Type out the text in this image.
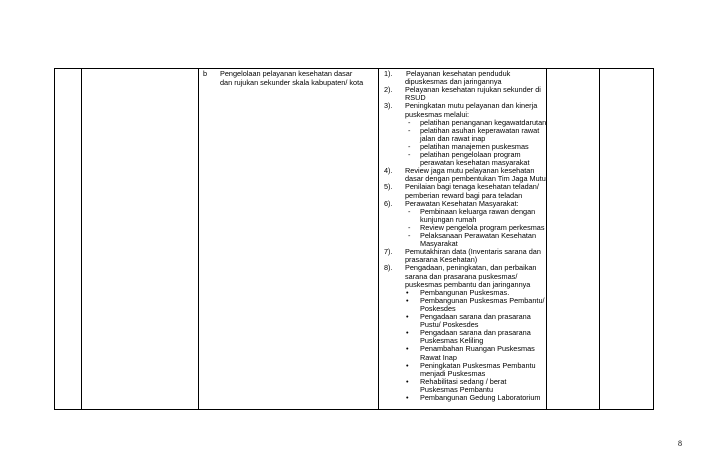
b Pengelolaan pelayanan kesehatan dasar
dan rujukan sekunder skala kabupaten/ kota
1). Pelayanan kesehatan penduduk
dipuskesmas dan jaringannya
2). Pelayanan kesehatan rujukan sekunder di
RSUD
3). Peningkatan mutu pelayanan dan kinerja
puskesmas melalui:
- pelatihan penanganan kegawatdarutan
- pelatihan asuhan keperawatan rawat
jalan dan rawat inap
- pelatihan manajemen puskesmas
- pelatihan pengelolaan program
perawatan kesehatan masyarakat
4). Review jaga mutu pelayanan kesehatan
dasar dengan pembentukan Tim Jaga Mutu
5). Penilaian bagi tenaga kesehatan teladan/
pemberian reward bagi para teladan
6). Perawatan Kesehatan Masyarakat:
- Pembinaan keluarga rawan dengan
kunjungan rumah
- Review pengelola program perkesmas
- Pelaksanaan Perawatan Kesehatan
Masyarakat
7). Pemutakhiran data (Inventaris sarana dan
prasarana Kesehatan)
8). Pengadaan, peningkatan, dan perbaikan
sarana dan prasarana puskesmas/
puskesmas pembantu dan jaringannya
• Pembangunan Puskesmas.
• Pembangunan Puskesmas Pembantu/
Poskesdes
• Pengadaan sarana dan prasarana
Pustu/ Poskesdes
• Pengadaan sarana dan prasarana
Puskesmas Keliling
• Penambahan Ruangan Puskesmas
Rawat Inap
• Peningkatan Puskesmas Pembantu
menjadi Puskesmas
• Rehabilitasi sedang / berat
Puskesmas Pembantu
• Pembangunan Gedung Laboratorium
8
